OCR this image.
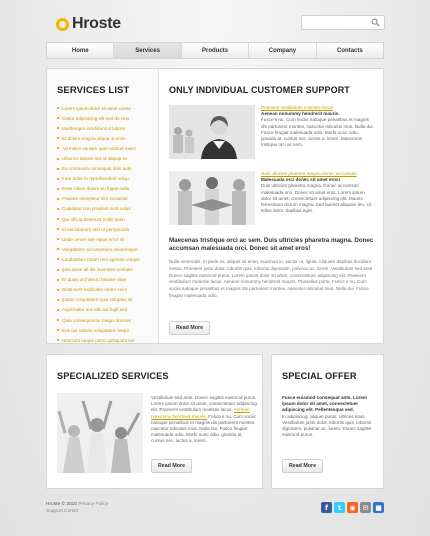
Hroste
Home	Services	Products	Company	Contacts
SERVICES LIST
Lorem ipsum dolor sit amet conse
Ctetur adipisicing elit sed do eius
Modtempor incididunt ut labore
Et dolore magna aliqua ut enim
Ad minim veniam quis nostrud exerc
Ullamco laboris nisi ut aliquip ex
Ea commodo consequat duis aute
Irure dolor in reprehenderit volup
Esse cillum dolore eu fugiat nulla
Pariatur excepteur sint occaecat
Cupidatat non proident sunt culpa
Qui officia deserunt mollit anim
Id est laborum sed ut perspiciatis
Unde omnis iste natus error sit
Voluptatem accusantium doloremque
Laudantium totam rem aperiam eaque
Ipsa quae ab illo inventore veritatis
Et quasi architecto beatae vitae
Dicta sunt explicabo nemo enim
Ipsam voluptatem quia voluptas sit
Aspernatur aut odit aut fugit sed
Quia consequuntur magni dolores
Eos qui ratione voluptatem sequi
Nesciunt neque porro quisquam est
ONLY INDIVIDUAL CUSTOMER SUPPORT
Praesent vestibulum molestie lacus
Aenean nonummy hendrerit mauris.
Fusce s nu. Cum sociis natoque penatibus et magnis dis parturient montes, nascetur ridiculus mus. Nulla dui. Fusce feugiat malesuada odio. Morbi nunc odio, gravida at, cursus nec, luctus a, lorem. Maecenas tristique orci ac sem.
Duis ultricies pharetra magna donec accumsan
Malesuada orci donec sit amet eros!
Duis ultricies pharetra magna. Donec accumsan malesuada orci. Donec sit amet eros. Lorem ipsum dolor sit amet, consectetuer adipiscing elit. Mauris fermentum dictum magna. Sed laoreet aliquam leo. Ut tellus dolor, dapibus eget.
Maecenas tristique orci ac sem. Duis ultricies pharetra magna. Donec accumsan malesuada orci. Donec sit amet eros!
Nulla venenatis. In pede mi, aliquet sit amet, euismod in, auctor ut, ligula. Aliquam dapibus tincidunt metus. Praesent justo dolor, lobortis quis, lobortis dignissim, pulvinar ac, lorem. Vestibulum sed ante. Donec sagittis euismod purus. Lorem ipsum dolor sit amet, consectetuer adipiscing elit. Praesent vestibulum molestie lacus. Aenean nonummy hendrerit mauris. Phasellus porta. Fusce s nu. Cum sociis natoque penatibus et magnis dis parturient montes, nascetur ridiculus mus. Nulla dui. Fusce feugiat malesuada odio.
Read More
SPECIALIZED SERVICES
Vestibulum sed ante. Donec sagittis euismod purus. Lorem ipsum dolor sit amet, consectetuer adipiscing elit. Praesent vestibulum molestie lacus. Aenean nonummy hendrerit mauris. Fusce s nu. Cum sociis natoque penatibus et magnis dis parturient montes, nascetur ridiculus mus. Nulla dui. Fusce feugiat malesuada odio. Morbi nunc odio, gravida at, cursus nec, luctus a, lorem.
Read More
SPECIAL OFFER
Fusce euismod consequat ante. Lorem ipsum dolor sit amet, consectetuer adipiscing elit. Pellentesque sed.
In adipiscing, aliquet purus, ultrices risus. Vestibulum justo dolor, lobortis quis, lobortis dignissim, pulvinar ac, lorem. Donec sagittis euismod purus.
Read More
Hroste © 2010 Privacy Policy
Support Center	f	t	◉	✉ ■
